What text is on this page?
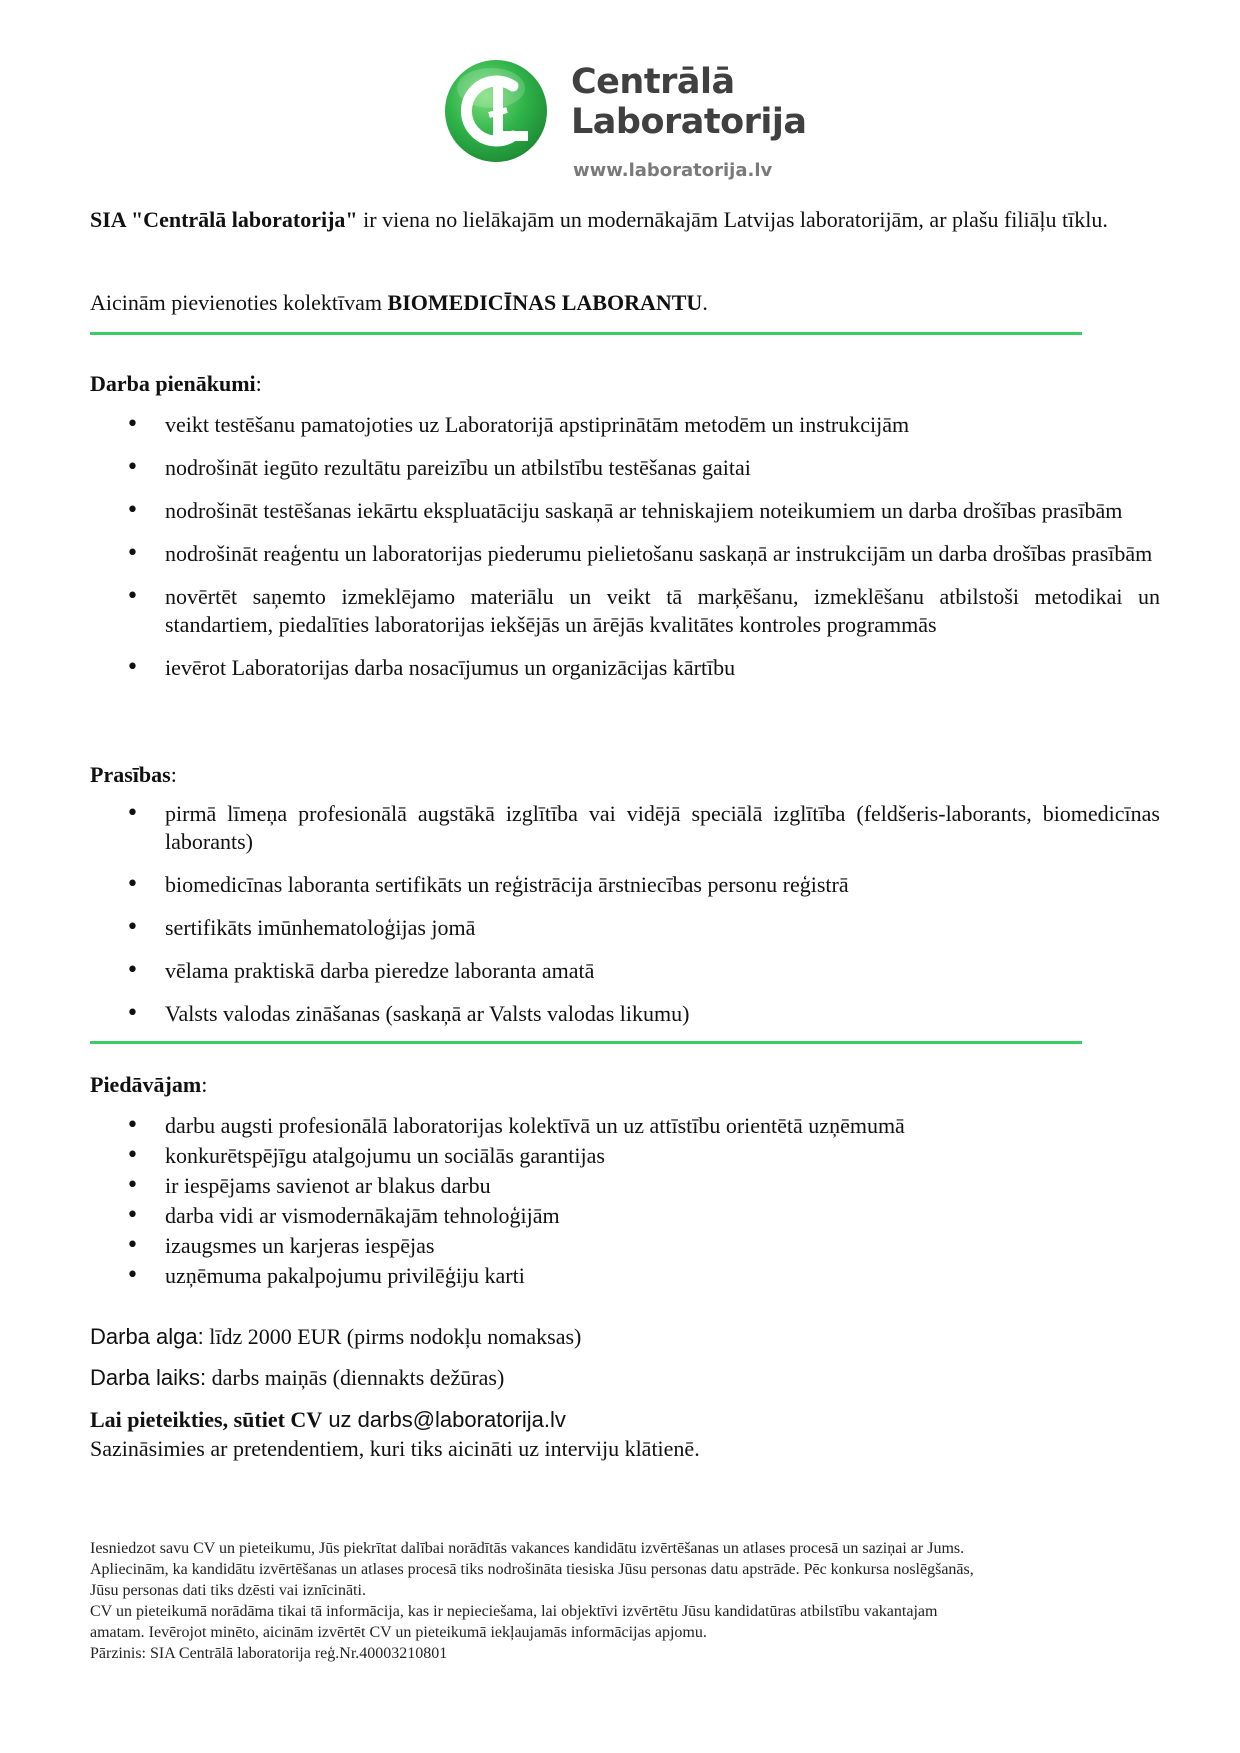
Centrālā
Laboratorija
www.laboratorija.lv
SIA "Centrālā laboratorija" ir viena no lielākajām un modernākajām Latvijas laboratorijām, ar plašu filiāļu tīklu.
Aicinām pievienoties kolektīvam BIOMEDICĪNAS LABORANTU.
Darba pienākumi:
• veikt testēšanu pamatojoties uz Laboratorijā apstiprinātām metodēm un instrukcijām
• nodrošināt iegūto rezultātu pareizību un atbilstību testēšanas gaitai
• nodrošināt testēšanas iekārtu ekspluatāciju saskaņā ar tehniskajiem noteikumiem un darba drošības prasībām
• nodrošināt reaģentu un laboratorijas piederumu pielietošanu saskaņā ar instrukcijām un darba drošības prasībām
• novērtēt saņemto izmeklējamo materiālu un veikt tā marķēšanu, izmeklēšanu atbilstoši metodikai un standartiem, piedalīties laboratorijas iekšējās un ārējās kvalitātes kontroles programmās
• ievērot Laboratorijas darba nosacījumus un organizācijas kārtību
Prasības:
• pirmā līmeņa profesionālā augstākā izglītība vai vidējā speciālā izglītība (feldšeris-laborants, biomedicīnas laborants)
• biomedicīnas laboranta sertifikāts un reģistrācija ārstniecības personu reģistrā
• sertifikāts imūnhematoloģijas jomā
• vēlama praktiskā darba pieredze laboranta amatā
• Valsts valodas zināšanas (saskaņā ar Valsts valodas likumu)
Piedāvājam:
• darbu augsti profesionālā laboratorijas kolektīvā un uz attīstību orientētā uzņēmumā
• konkurētspējīgu atalgojumu un sociālās garantijas
• ir iespējams savienot ar blakus darbu
• darba vidi ar vismodernākajām tehnoloģijām
• izaugsmes un karjeras iespējas
• uzņēmuma pakalpojumu privilēģiju karti
Darba alga: līdz 2000 EUR (pirms nodokļu nomaksas)
Darba laiks: darbs maiņās (diennakts dežūras)
Lai pieteikties, sūtiet CV uz darbs@laboratorija.lv
Sazināsimies ar pretendentiem, kuri tiks aicināti uz interviju klātienē.
Iesniedzot savu CV un pieteikumu, Jūs piekrītat dalībai norādītās vakances kandidātu izvērtēšanas un atlases procesā un saziņai ar Jums.
Apliecinām, ka kandidātu izvērtēšanas un atlases procesā tiks nodrošināta tiesiska Jūsu personas datu apstrāde. Pēc konkursa noslēgšanās,
Jūsu personas dati tiks dzēsti vai iznīcināti.
CV un pieteikumā norādāma tikai tā informācija, kas ir nepieciešama, lai objektīvi izvērtētu Jūsu kandidatūras atbilstību vakantajam
amatam. Ievērojot minēto, aicinām izvērtēt CV un pieteikumā iekļaujamās informācijas apjomu.
Pārzinis: SIA Centrālā laboratorija reģ.Nr.40003210801
